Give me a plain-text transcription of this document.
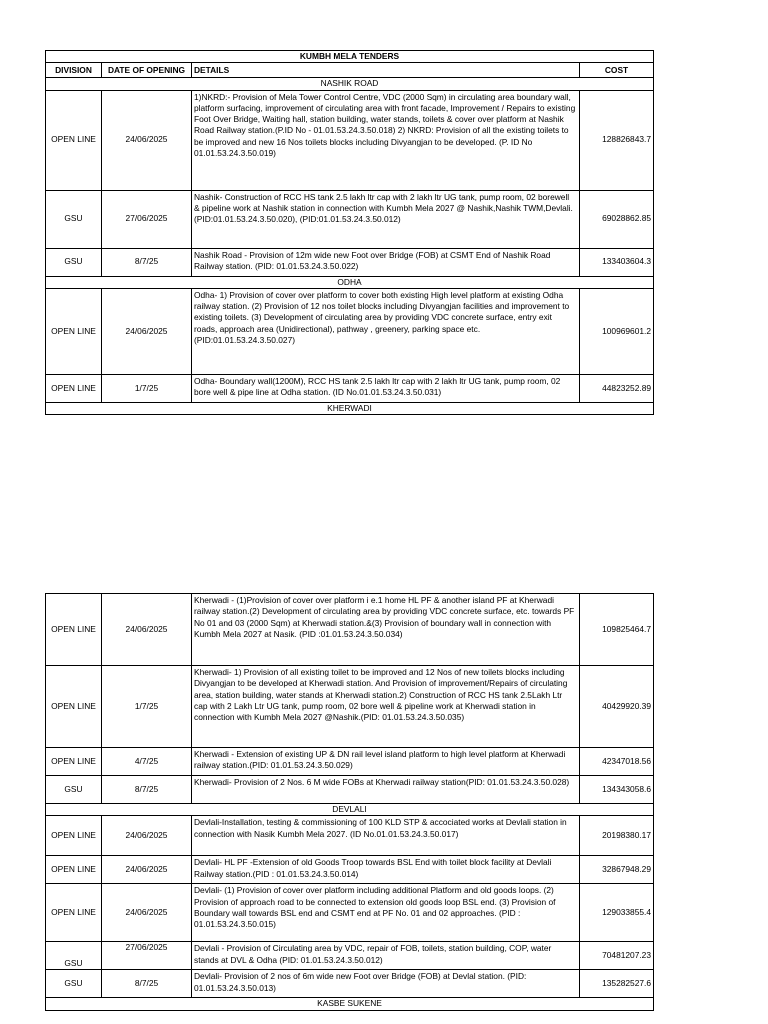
KUMBH MELA TENDERS			
DIVISION	DATE OF OPENING	DETAILS	COST
NASHIK ROAD			
OPEN LINE	24/06/2025	1)NKRD:- Provision of Mela Tower Control Centre, VDC (2000 Sqm) in circulating area boundary wall, platform surfacing, improvement of circulating area with front facade, Improvement / Repairs to existing Foot Over Bridge, Waiting hall, station building, water stands, toilets & cover over platform at Nashik Road Railway station.(P.ID No - 01.01.53.24.3.50.018) 2) NKRD: Provision of all the existing toilets to be improved and new 16 Nos toilets blocks including Divyangjan to be developed. (P. ID No 01.01.53.24.3.50.019)	128826843.7
GSU	27/06/2025	Nashik- Construction of RCC HS tank 2.5 lakh ltr cap with 2 lakh ltr UG tank, pump room, 02 borewell & pipeline work at Nashik station in connection with Kumbh Mela 2027 @ Nashik,Nashik TWM,Devlali.(PID:01.01.53.24.3.50.020), (PID:01.01.53.24.3.50.012)	69028862.85
GSU	8/7/25	Nashik Road - Provision of 12m wide new Foot over Bridge (FOB) at CSMT End of Nashik Road Railway station. (PID: 01.01.53.24.3.50.022)	133403604.3
ODHA			
OPEN LINE	24/06/2025	Odha- 1) Provision of cover over platform to cover both existing High level platform at existing Odha railway station. (2) Provision of 12 nos toilet blocks including Divyangjan facilities and improvement to existing toilets. (3) Development of circulating area by providing VDC concrete surface, entry exit roads, approach area (Unidirectional), pathway , greenery, parking space etc. (PID:01.01.53.24.3.50.027)	100969601.2
OPEN LINE	1/7/25	Odha- Boundary wall(1200M), RCC HS tank 2.5 lakh ltr cap with 2 lakh ltr UG tank, pump room, 02 bore well & pipe line at Odha station. (ID No.01.01.53.24.3.50.031)	44823252.89
KHERWADI			
OPEN LINE	24/06/2025	Kherwadi - (1)Provision of cover over platform i e.1 home HL PF & another island PF at Kherwadi railway station.(2) Development of circulating area by providing VDC concrete surface, etc. towards PF No 01 and 03 (2000 Sqm) at Kherwadi station.&(3) Provision of boundary wall in connection with Kumbh Mela 2027 at Nasik. (PID :01.01.53.24.3.50.034)	109825464.7
OPEN LINE	1/7/25	Kherwadi- 1) Provision of all existing toilet to be improved and 12 Nos of new toilets blocks including Divyangjan to be developed at Kherwadi station. And Provision of improvement/Repairs of circulating area, station building, water stands at Kherwadi station.2) Construction of RCC HS tank 2.5Lakh Ltr cap with 2 Lakh Ltr UG tank, pump room, 02 bore well & pipeline work at Kherwadi station in connection with Kumbh Mela 2027 @Nashik.(PID: 01.01.53.24.3.50.035)	40429920.39
OPEN LINE	4/7/25	Kherwadi - Extension of existing UP & DN rail level island platform to high level platform at Kherwadi railway station.(PID: 01.01.53.24.3.50.029)	42347018.56
GSU	8/7/25	Kherwadi- Provision of 2 Nos. 6 M wide FOBs at Kherwadi railway station(PID: 01.01.53.24.3.50.028)	134343058.6
DEVLALI			
OPEN LINE	24/06/2025	Devlali-Installation, testing & commissioning of 100 KLD STP & accociated works at Devlali station in connection with Nasik Kumbh Mela 2027. (ID No.01.01.53.24.3.50.017)	20198380.17
OPEN LINE	24/06/2025	Devlali- HL PF -Extension of old Goods Troop towards BSL End with toilet block facility at Devlali Railway station.(PID : 01.01.53.24.3.50.014)	32867948.29
OPEN LINE	24/06/2025	Devlali- (1) Provision of cover over platform including additional Platform and old goods loops. (2) Provision of approach road to be connected to extension old goods loop BSL end. (3) Provision of Boundary wall towards BSL end and CSMT end at PF No. 01 and 02 approaches. (PID : 01.01.53.24.3.50.015)	129033855.4
GSU	27/06/2025	Devlali - Provision of Circulating area by VDC, repair of FOB, toilets, station building, COP, water stands at DVL & Odha (PID: 01.01.53.24.3.50.012)	70481207.23
GSU	8/7/25	Devlali- Provision of 2 nos of 6m wide new Foot over Bridge (FOB) at Devlal station. (PID: 01.01.53.24.3.50.013)	135282527.6
KASBE SUKENE			
